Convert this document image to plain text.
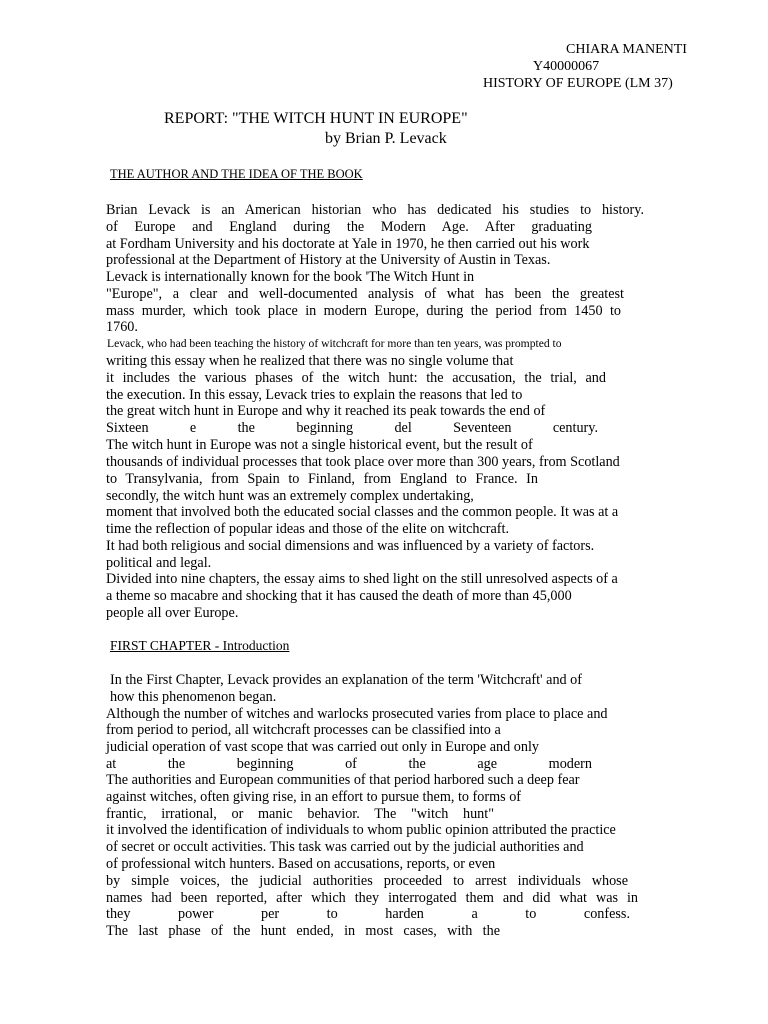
CHIARA MANENTI
Y40000067
HISTORY OF EUROPE (LM 37)
REPORT: "THE WITCH HUNT IN EUROPE"
by Brian P. Levack
THE AUTHOR AND THE IDEA OF THE BOOK
Brian Levack is an American historian who has dedicated his studies to history.
of Europe and England during the Modern Age. After graduating
at Fordham University and his doctorate at Yale in 1970, he then carried out his work
professional at the Department of History at the University of Austin in Texas.
Levack is internationally known for the book 'The Witch Hunt in
"Europe", a clear and well-documented analysis of what has been the greatest
mass murder, which took place in modern Europe, during the period from 1450 to
1760.
Levack, who had been teaching the history of witchcraft for more than ten years, was prompted to
writing this essay when he realized that there was no single volume that
it includes the various phases of the witch hunt: the accusation, the trial, and
the execution. In this essay, Levack tries to explain the reasons that led to
the great witch hunt in Europe and why it reached its peak towards the end of
Sixteen e the beginning del Seventeen century.
The witch hunt in Europe was not a single historical event, but the result of
thousands of individual processes that took place over more than 300 years, from Scotland
to Transylvania, from Spain to Finland, from England to France. In
secondly, the witch hunt was an extremely complex undertaking,
moment that involved both the educated social classes and the common people. It was at a
time the reflection of popular ideas and those of the elite on witchcraft.
It had both religious and social dimensions and was influenced by a variety of factors.
political and legal.
Divided into nine chapters, the essay aims to shed light on the still unresolved aspects of a
a theme so macabre and shocking that it has caused the death of more than 45,000
people all over Europe.
FIRST CHAPTER - Introduction
In the First Chapter, Levack provides an explanation of the term 'Witchcraft' and of
how this phenomenon began.
Although the number of witches and warlocks prosecuted varies from place to place and
from period to period, all witchcraft processes can be classified into a
judicial operation of vast scope that was carried out only in Europe and only
at the beginning of the age modern
The authorities and European communities of that period harbored such a deep fear
against witches, often giving rise, in an effort to pursue them, to forms of
frantic, irrational, or manic behavior. The "witch hunt"
it involved the identification of individuals to whom public opinion attributed the practice
of secret or occult activities. This task was carried out by the judicial authorities and
of professional witch hunters. Based on accusations, reports, or even
by simple voices, the judicial authorities proceeded to arrest individuals whose
names had been reported, after which they interrogated them and did what was in
they power per to harden a to confess.
The last phase of the hunt ended, in most cases, with the
